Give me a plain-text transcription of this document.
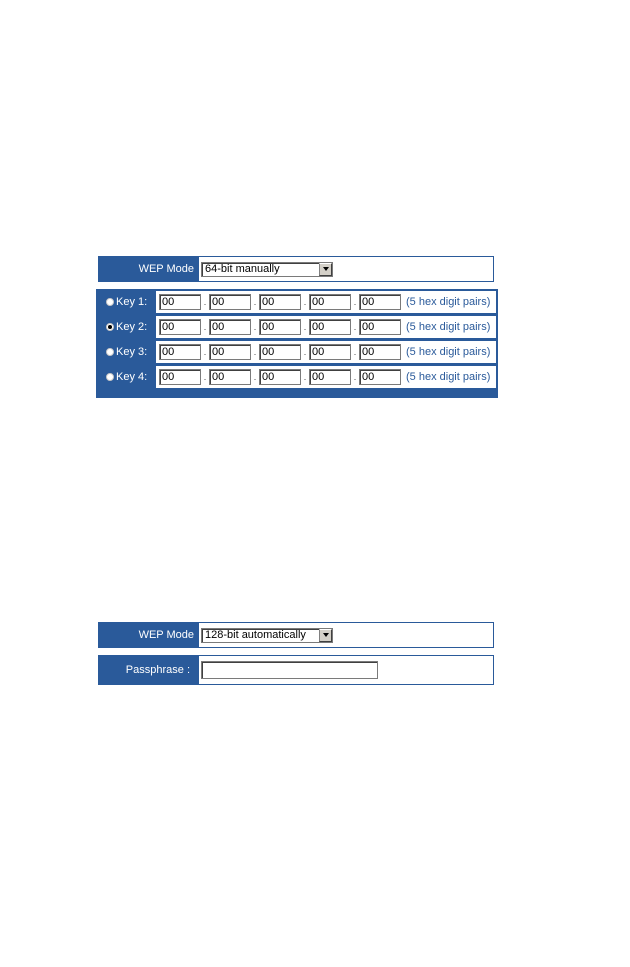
WEP Mode	64-bit manually
Key 1: 00	. 00	. 00	. 00	. 00	(5 hex digit pairs)
Key 2: 00	. 00	. 00	. 00	. 00	(5 hex digit pairs)
Key 3: 00	. 00	. 00	. 00	. 00	(5 hex digit pairs)
Key 4: 00	. 00	. 00	. 00	. 00	(5 hex digit pairs)
WEP Mode	128-bit automatically
Passphrase :
